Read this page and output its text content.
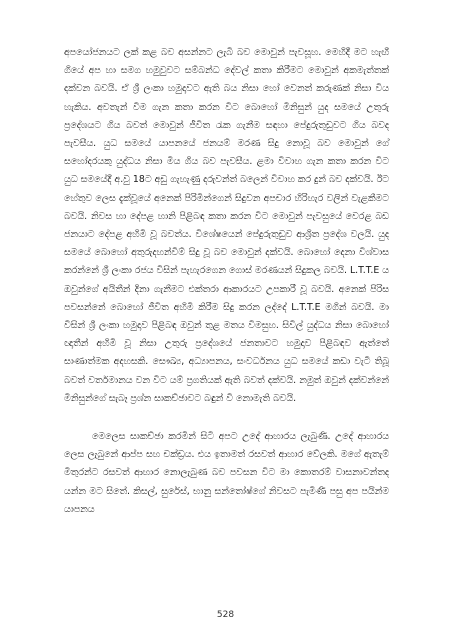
අපයෝජනයට ලක් කළ බව අසන්නට ලැබී බව මොවුන් පැවසූහ. මෙහිදී මට හැඟී ගියේ අප හා සමග හමුවුවට සම්බන්ධ දේවල් කතා කිරීමට මොවුන් අකමැත්තක් දක්වන බවයි. ඒ ශ්‍රී ලංකා හමුදාවට ඇති බය නිසා හෝ වෙනත් කරුණක් නිසා විය හැකිය. අවතැන් වීම ගැන කතා කරන විට බොහෝ මිනිසුන් යුද සමයේ උතුරු ප්‍රදේශයට ගිය බවත් මොවුන් ජීවිත රැක ගැනීම සඳහා පේදුරුතුඩුවට ගිය බවද පැවසීය. යුධ සමයේ යාපනයේ ජනයම් මරණ සිදු නොවූ බව මොවුන් ගේ සහෝදරයකු යුද්ධය නිසා මිය ගිය බව පැවසීය. ළමා විවාහ ගැන කතා කරන විට යුධ සමයේදී අ.වු 18ට අඩු ගැහැණු දරුවන්ත් බලෙන් විවාහ කර දුන් බව දක්වයි. ඊට හේතුව ලෙස දැක්වූයේ අනෙක් පිරිමින්ගෙන් සිදුවන අපචාර හිරිහැර වලින් වැළකීමට බවයි. නිවස හා දේපළ හානි පිළිබඳ කතා කරන විට මොවුන් පැවසුයේ වෙරළ බඩ ජනයාට දේපළ අහිමි වූ බවත්ය. විශේෂයෙන් පේදුරුතුඩුව ආශ්‍රිත ප්‍රදේශ වලයි. යුද සමයේ බොහෝ අතුරුදහන්වීම් සිදු වූ බව මොවුන් දක්වයි. බොහෝ දෙනා විශ්වාස කරන්නේ ශ්‍රී ලංකා රජය විසින් පැහැරගෙන ගොස් මරණයන් සිදුකල බවයි. L.T.T.E ය ඔවුන්ගේ අයිතීන් දිනා ගැනීමට එක්තරා ආකාරයට උපකාරී වූ බවයි. අනෙක් පිරිස පවසන්නේ බොහෝ ජීවිත අහිමි කිරීම සිදු කරන ලද්දේ L.T.T.E මගින් බවයි. මා විසින් ශ්‍රී ලංකා හමුදාව පිළිබඳ ඔවුන් තුළ මතය විමසුහ. සිවිල් යුද්ධය නිසා බොහෝ ඥාතීන් අහිමි වූ නිසා උතුරු ප්‍රදේශයේ ජනතාවට හමුදාව පිළිබඳව ඇත්තේ සාණාත්මක අදහසකි. සෞඛ්‍ය, අධ්‍යාපනය, සංවර්ධනය යුධ සමයේ කඩා වැටී තිබූ බවත් වර්තමානය වන විට යම් ප්‍රගතියක් ඇති බවත් දක්වයි. නමුත් ඔවුන් දක්වන්නේ මිනිසුන්ගේ සැබෑ ප්‍රශ්න සාකච්ඡාවට බඳුන් වී නොමැති බවයි.

මෙලෙස සාකච්ඡා කරමින් සිටි අපට උදේ ආහාරය ලැබුණි. උදේ ආහාරය ලෙස ලැබුනේ ආප්ප සහ චක්ඩ්‍රය. එය ඉතාමත් රසවත් ආහාර වේලකි. මගේ ඇතැම් මිතුරන්ට රසවත් ආහාර නොලැබුණ බව පවසන විට මා කොතරම් වාසනාවන්තද යන්න මට සිතේ. කිසල්, සුරේස්, භානු සන්තෝෂ්ගේ නිවසට පැමිණී පසු අප පයින්ම යාපනය

528
